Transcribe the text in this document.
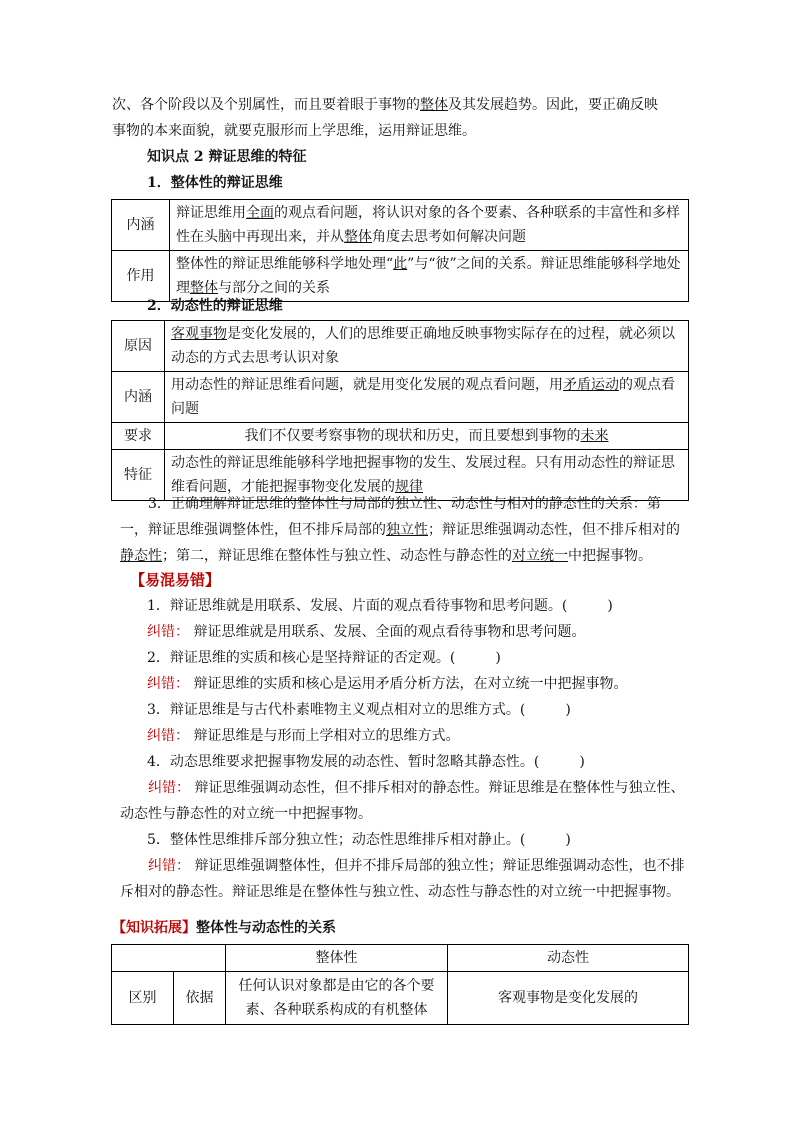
次、各个阶段以及个别属性，而且要着眼于事物的整体及其发展趋势。因此，要正确反映

事物的本来面貌，就要克服形而上学思维，运用辩证思维。

知识点 2 辩证思维的特征

1．整体性的辩证思维

内涵	辩证思维用全面的观点看问题，将认识对象的各个要素、各种联系的丰富性和多样性在头脑中再现出来，并从整体角度去思考如何解决问题
作用	整体性的辩证思维能够科学地处理“此”与“彼”之间的关系。辩证思维能够科学地处理整体与部分之间的关系

2．动态性的辩证思维

原因	客观事物是变化发展的，人们的思维要正确地反映事物实际存在的过程，就必须以动态的方式去思考认识对象
内涵	用动态性的辩证思维看问题，就是用变化发展的观点看问题，用矛盾运动的观点看问题
要求	我们不仅要考察事物的现状和历史，而且要想到事物的未来
特征	动态性的辩证思维能够科学地把握事物的发生、发展过程。只有用动态性的辩证思维看问题，才能把握事物变化发展的规律

3．正确理解辩证思维的整体性与局部的独立性、动态性与相对的静态性的关系：第一，辩证思维强调整体性，但不排斥局部的独立性；辩证思维强调动态性，但不排斥相对的静态性；第二，辩证思维在整体性与独立性、动态性与静态性的对立统一中把握事物。

【易混易错】

1．辩证思维就是用联系、发展、片面的观点看待事物和思考问题。(	)

纠错： 辩证思维就是用联系、发展、全面的观点看待事物和思考问题。

2．辩证思维的实质和核心是坚持辩证的否定观。(	)

纠错： 辩证思维的实质和核心是运用矛盾分析方法，在对立统一中把握事物。

3．辩证思维是与古代朴素唯物主义观点相对立的思维方式。(	)

纠错： 辩证思维是与形而上学相对立的思维方式。

4．动态思维要求把握事物发展的动态性、暂时忽略其静态性。(	)

纠错： 辩证思维强调动态性，但不排斥相对的静态性。辩证思维是在整体性与独立性、动态性与静态性的对立统一中把握事物。

5．整体性思维排斥部分独立性；动态性思维排斥相对静止。(	)

纠错： 辩证思维强调整体性，但并不排斥局部的独立性；辩证思维强调动态性，也不排斥相对的静态性。辩证思维是在整体性与独立性、动态性与静态性的对立统一中把握事物。

【知识拓展】整体性与动态性的关系

		整体性	动态性
区别	依据	任何认识对象都是由它的各个要素、各种联系构成的有机整体	客观事物是变化发展的
